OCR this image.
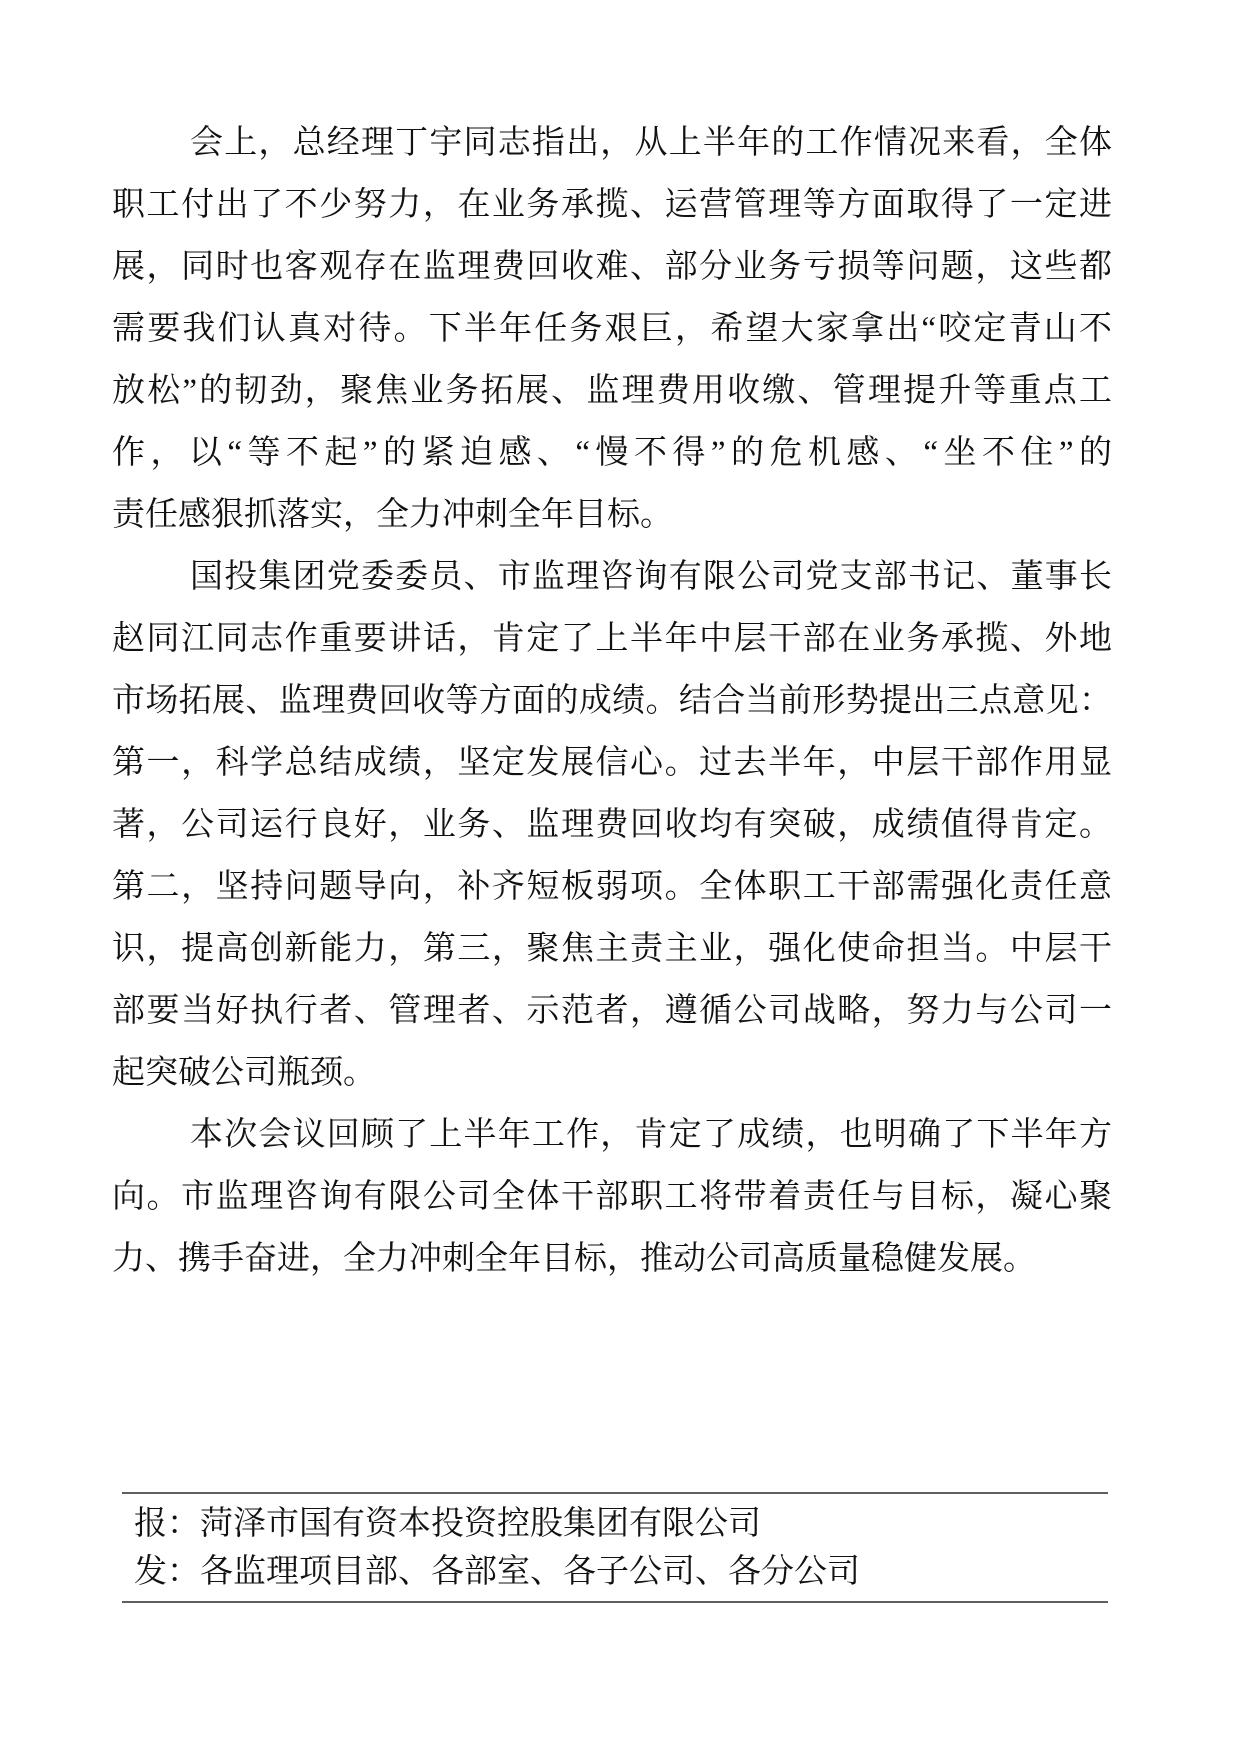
会上，总经理丁宇同志指出，从上半年的工作情况来看，全体
职工付出了不少努力，在业务承揽、运营管理等方面取得了一定进
展，同时也客观存在监理费回收难、部分业务亏损等问题，这些都
需要我们认真对待。下半年任务艰巨，希望大家拿出“咬定青山不
放松”的韧劲，聚焦业务拓展、监理费用收缴、管理提升等重点工
作，以“等不起”的紧迫感、“慢不得”的危机感、“坐不住”的
责任感狠抓落实，全力冲刺全年目标。
国投集团党委委员、市监理咨询有限公司党支部书记、董事长
赵同江同志作重要讲话，肯定了上半年中层干部在业务承揽、外地
市场拓展、监理费回收等方面的成绩。结合当前形势提出三点意见：
第一，科学总结成绩，坚定发展信心。过去半年，中层干部作用显
著，公司运行良好，业务、监理费回收均有突破，成绩值得肯定。
第二，坚持问题导向，补齐短板弱项。全体职工干部需强化责任意
识，提高创新能力，第三，聚焦主责主业，强化使命担当。中层干
部要当好执行者、管理者、示范者，遵循公司战略，努力与公司一
起突破公司瓶颈。
本次会议回顾了上半年工作，肯定了成绩，也明确了下半年方
向。市监理咨询有限公司全体干部职工将带着责任与目标，凝心聚
力、携手奋进，全力冲刺全年目标，推动公司高质量稳健发展。
报：菏泽市国有资本投资控股集团有限公司
发：各监理项目部、各部室、各子公司、各分公司
